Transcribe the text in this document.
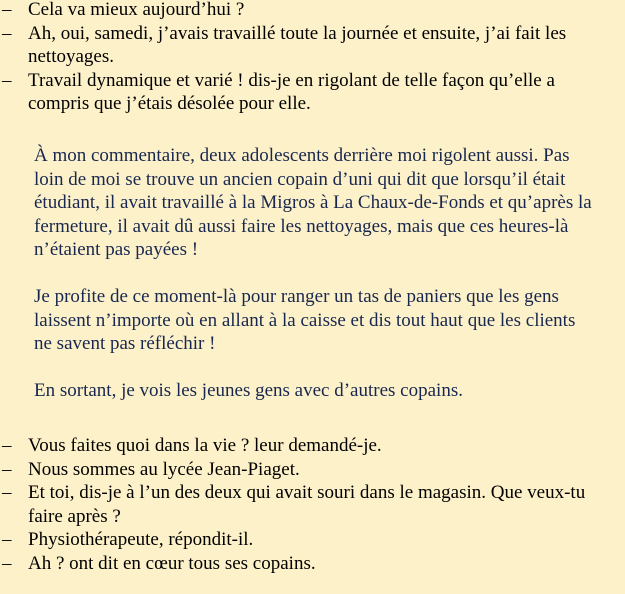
– Cela va mieux aujourd’hui ?
– Ah, oui, samedi, j’avais travaillé toute la journée et ensuite, j’ai fait les nettoyages.
– Travail dynamique et varié ! dis-je en rigolant de telle façon qu’elle a compris que j’étais désolée pour elle.

À mon commentaire, deux adolescents derrière moi rigolent aussi. Pas loin de moi se trouve un ancien copain d’uni qui dit que lorsqu’il était étudiant, il avait travaillé à la Migros à La Chaux-de-Fonds et qu’après la fermeture, il avait dû aussi faire les nettoyages, mais que ces heures-là n’étaient pas payées !

Je profite de ce moment-là pour ranger un tas de paniers que les gens laissent n’importe où en allant à la caisse et dis tout haut que les clients ne savent pas réfléchir !

En sortant, je vois les jeunes gens avec d’autres copains.

– Vous faites quoi dans la vie ? leur demandé-je.
– Nous sommes au lycée Jean-Piaget.
– Et toi, dis-je à l’un des deux qui avait souri dans le magasin. Que veux-tu faire après ?
– Physiothérapeute, répondit-il.
– Ah ? ont dit en cœur tous ses copains.
